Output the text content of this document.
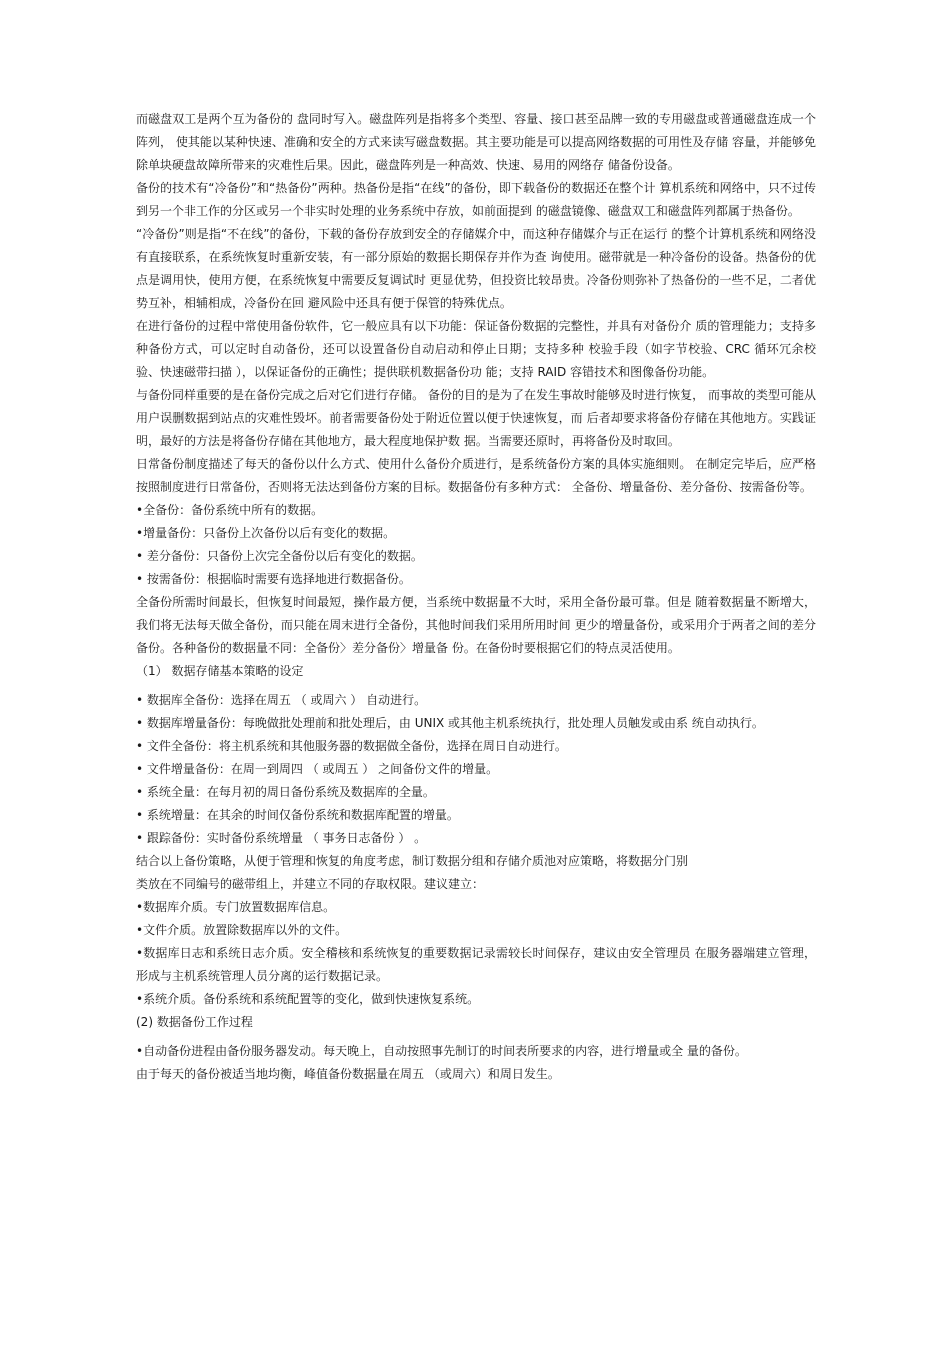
而磁盘双工是两个互为备份的 盘同时写入。磁盘阵列是指将多个类型、容量、接口甚至品牌一致的专用磁盘或普通磁盘连成一个阵列， 使其能以某种快速、准确和安全的方式来读写磁盘数据。其主要功能是可以提高网络数据的可用性及存储 容量，并能够免除单块硬盘故障所带来的灾难性后果。因此，磁盘阵列是一种高效、快速、易用的网络存 储备份设备。

备份的技术有“冷备份”和“热备份”两种。热备份是指“在线”的备份，即下载备份的数据还在整个计 算机系统和网络中，只不过传到另一个非工作的分区或另一个非实时处理的业务系统中存放，如前面提到 的磁盘镜像、磁盘双工和磁盘阵列都属于热备份。

“冷备份”则是指“不在线”的备份，下载的备份存放到安全的存储媒介中，而这种存储媒介与正在运行 的整个计算机系统和网络没有直接联系，在系统恢复时重新安装，有一部分原始的数据长期保存并作为查 询使用。磁带就是一种冷备份的设备。热备份的优点是调用快，使用方便，在系统恢复中需要反复调试时 更显优势，但投资比较昂贵。冷备份则弥补了热备份的一些不足，二者优势互补，相辅相成，冷备份在回 避风险中还具有便于保管的特殊优点。

在进行备份的过程中常使用备份软件，它一般应具有以下功能：保证备份数据的完整性，并具有对备份介 质的管理能力；支持多种备份方式，可以定时自动备份，还可以设置备份自动启动和停止日期；支持多种 校验手段（如字节校验、CRC 循环冗余校验、快速磁带扫描 ），以保证备份的正确性；提供联机数据备份功 能；支持 RAID 容错技术和图像备份功能。

与备份同样重要的是在备份完成之后对它们进行存储。 备份的目的是为了在发生事故时能够及时进行恢复， 而事故的类型可能从用户误删数据到站点的灾难性毁坏。前者需要备份处于附近位置以便于快速恢复，而 后者却要求将备份存储在其他地方。实践证明，最好的方法是将备份存储在其他地方，最大程度地保护数 据。当需要还原时，再将备份及时取回。

日常备份制度描述了每天的备份以什么方式、使用什么备份介质进行，是系统备份方案的具体实施细则。 在制定完毕后，应严格按照制度进行日常备份，否则将无法达到备份方案的目标。数据备份有多种方式： 全备份、增量备份、差分备份、按需备份等。

•全备份：备份系统中所有的数据。

•增量备份：只备份上次备份以后有变化的数据。

• 差分备份：只备份上次完全备份以后有变化的数据。

• 按需备份：根据临时需要有选择地进行数据备份。

全备份所需时间最长，但恢复时间最短，操作最方便，当系统中数据量不大时，采用全备份最可靠。但是 随着数据量不断增大，我们将无法每天做全备份，而只能在周末进行全备份，其他时间我们采用所用时间 更少的增量备份，或采用介于两者之间的差分备份。各种备份的数据量不同：全备份〉差分备份〉增量备 份。在备份时要根据它们的特点灵活使用。

（1） 数据存储基本策略的设定

• 数据库全备份：选择在周五 （ 或周六 ） 自动进行。

• 数据库增量备份：每晚做批处理前和批处理后，由 UNIX 或其他主机系统执行，批处理人员触发或由系 统自动执行。

• 文件全备份：将主机系统和其他服务器的数据做全备份，选择在周日自动进行。

• 文件增量备份：在周一到周四 （ 或周五 ） 之间备份文件的增量。

• 系统全量：在每月初的周日备份系统及数据库的全量。

• 系统增量：在其余的时间仅备份系统和数据库配置的增量。

• 跟踪备份：实时备份系统增量 （ 事务日志备份 ） 。

结合以上备份策略，从便于管理和恢复的角度考虑，制订数据分组和存储介质池对应策略，将数据分门别

类放在不同编号的磁带组上，并建立不同的存取权限。建议建立：

•数据库介质。专门放置数据库信息。

•文件介质。放置除数据库以外的文件。

•数据库日志和系统日志介质。安全稽核和系统恢复的重要数据记录需较长时间保存，建议由安全管理员 在服务器端建立管理，形成与主机系统管理人员分离的运行数据记录。

•系统介质。备份系统和系统配置等的变化，做到快速恢复系统。

(2) 数据备份工作过程

•自动备份进程由备份服务器发动。每天晚上，自动按照事先制订的时间表所要求的内容，进行增量或全 量的备份。

由于每天的备份被适当地均衡，峰值备份数据量在周五 （或周六）和周日发生。
